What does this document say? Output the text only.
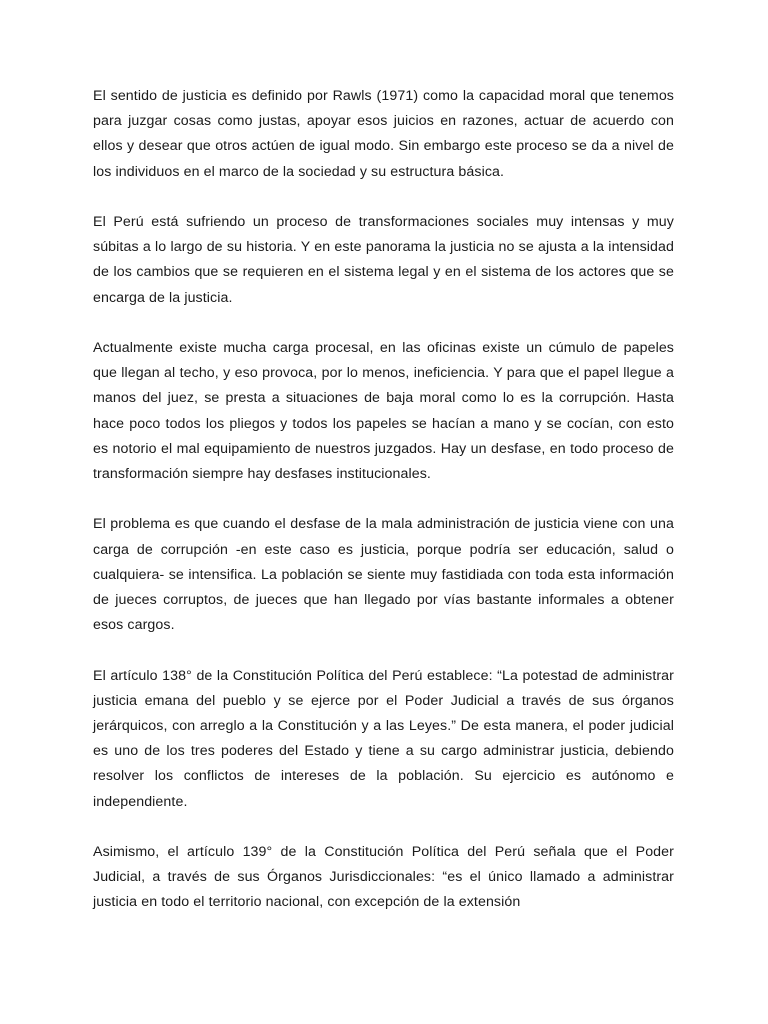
El sentido de justicia es definido por Rawls (1971) como la capacidad moral que tenemos para juzgar cosas como justas, apoyar esos juicios en razones, actuar de acuerdo con ellos y desear que otros actúen de igual modo. Sin embargo este proceso se da a nivel de los individuos en el marco de la sociedad y su estructura básica.

El Perú está sufriendo un proceso de transformaciones sociales muy intensas y muy súbitas a lo largo de su historia. Y en este panorama la justicia no se ajusta a la intensidad de los cambios que se requieren en el sistema legal y en el sistema de los actores que se encarga de la justicia.

Actualmente existe mucha carga procesal, en las oficinas existe un cúmulo de papeles que llegan al techo, y eso provoca, por lo menos, ineficiencia. Y para que el papel llegue a manos del juez, se presta a situaciones de baja moral como lo es la corrupción. Hasta hace poco todos los pliegos y todos los papeles se hacían a mano y se cocían, con esto es notorio el mal equipamiento de nuestros juzgados. Hay un desfase, en todo proceso de transformación siempre hay desfases institucionales.

El problema es que cuando el desfase de la mala administración de justicia viene con una carga de corrupción -en este caso es justicia, porque podría ser educación, salud o cualquiera- se intensifica. La población se siente muy fastidiada con toda esta información de jueces corruptos, de jueces que han llegado por vías bastante informales a obtener esos cargos.

El artículo 138° de la Constitución Política del Perú establece: “La potestad de administrar justicia emana del pueblo y se ejerce por el Poder Judicial a través de sus órganos jerárquicos, con arreglo a la Constitución y a las Leyes.” De esta manera, el poder judicial es uno de los tres poderes del Estado y tiene a su cargo administrar justicia, debiendo resolver los conflictos de intereses de la población. Su ejercicio es autónomo e independiente.

Asimismo, el artículo 139° de la Constitución Política del Perú señala que el Poder Judicial, a través de sus Órganos Jurisdiccionales: “es el único llamado a administrar justicia en todo el territorio nacional, con excepción de la extensión
